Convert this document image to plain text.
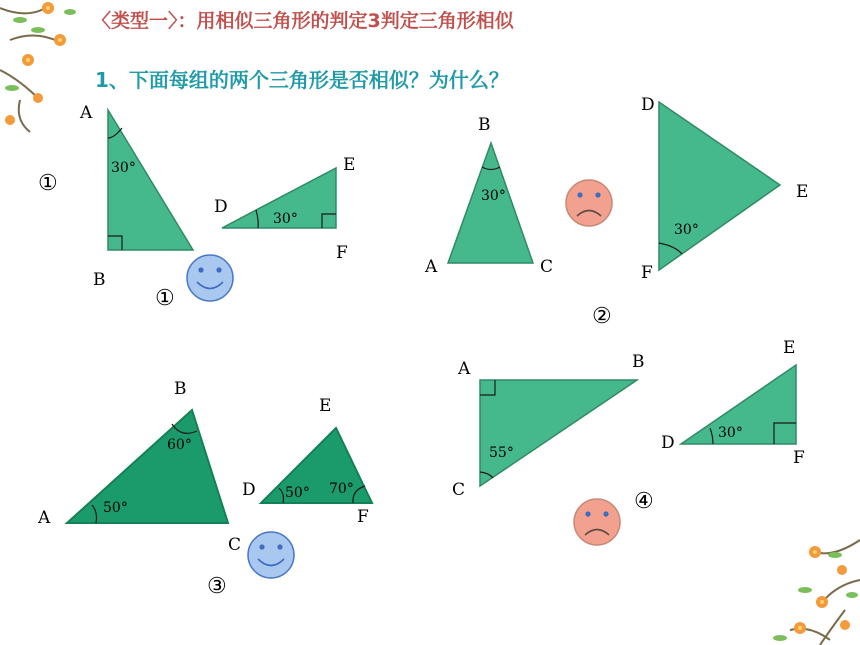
〈类型一〉：用相似三角形的判定3判定三角形相似
1、下面每组的两个三角形是否相似？为什么？
①
A
B
30°
D
E
F
30°
①
A
B
C
30°
D
E
F
30°
②
A
B
C
50°
60°
D
E
F
50° 70°
③
A	B
C
55°	D
E
F
30°
④
